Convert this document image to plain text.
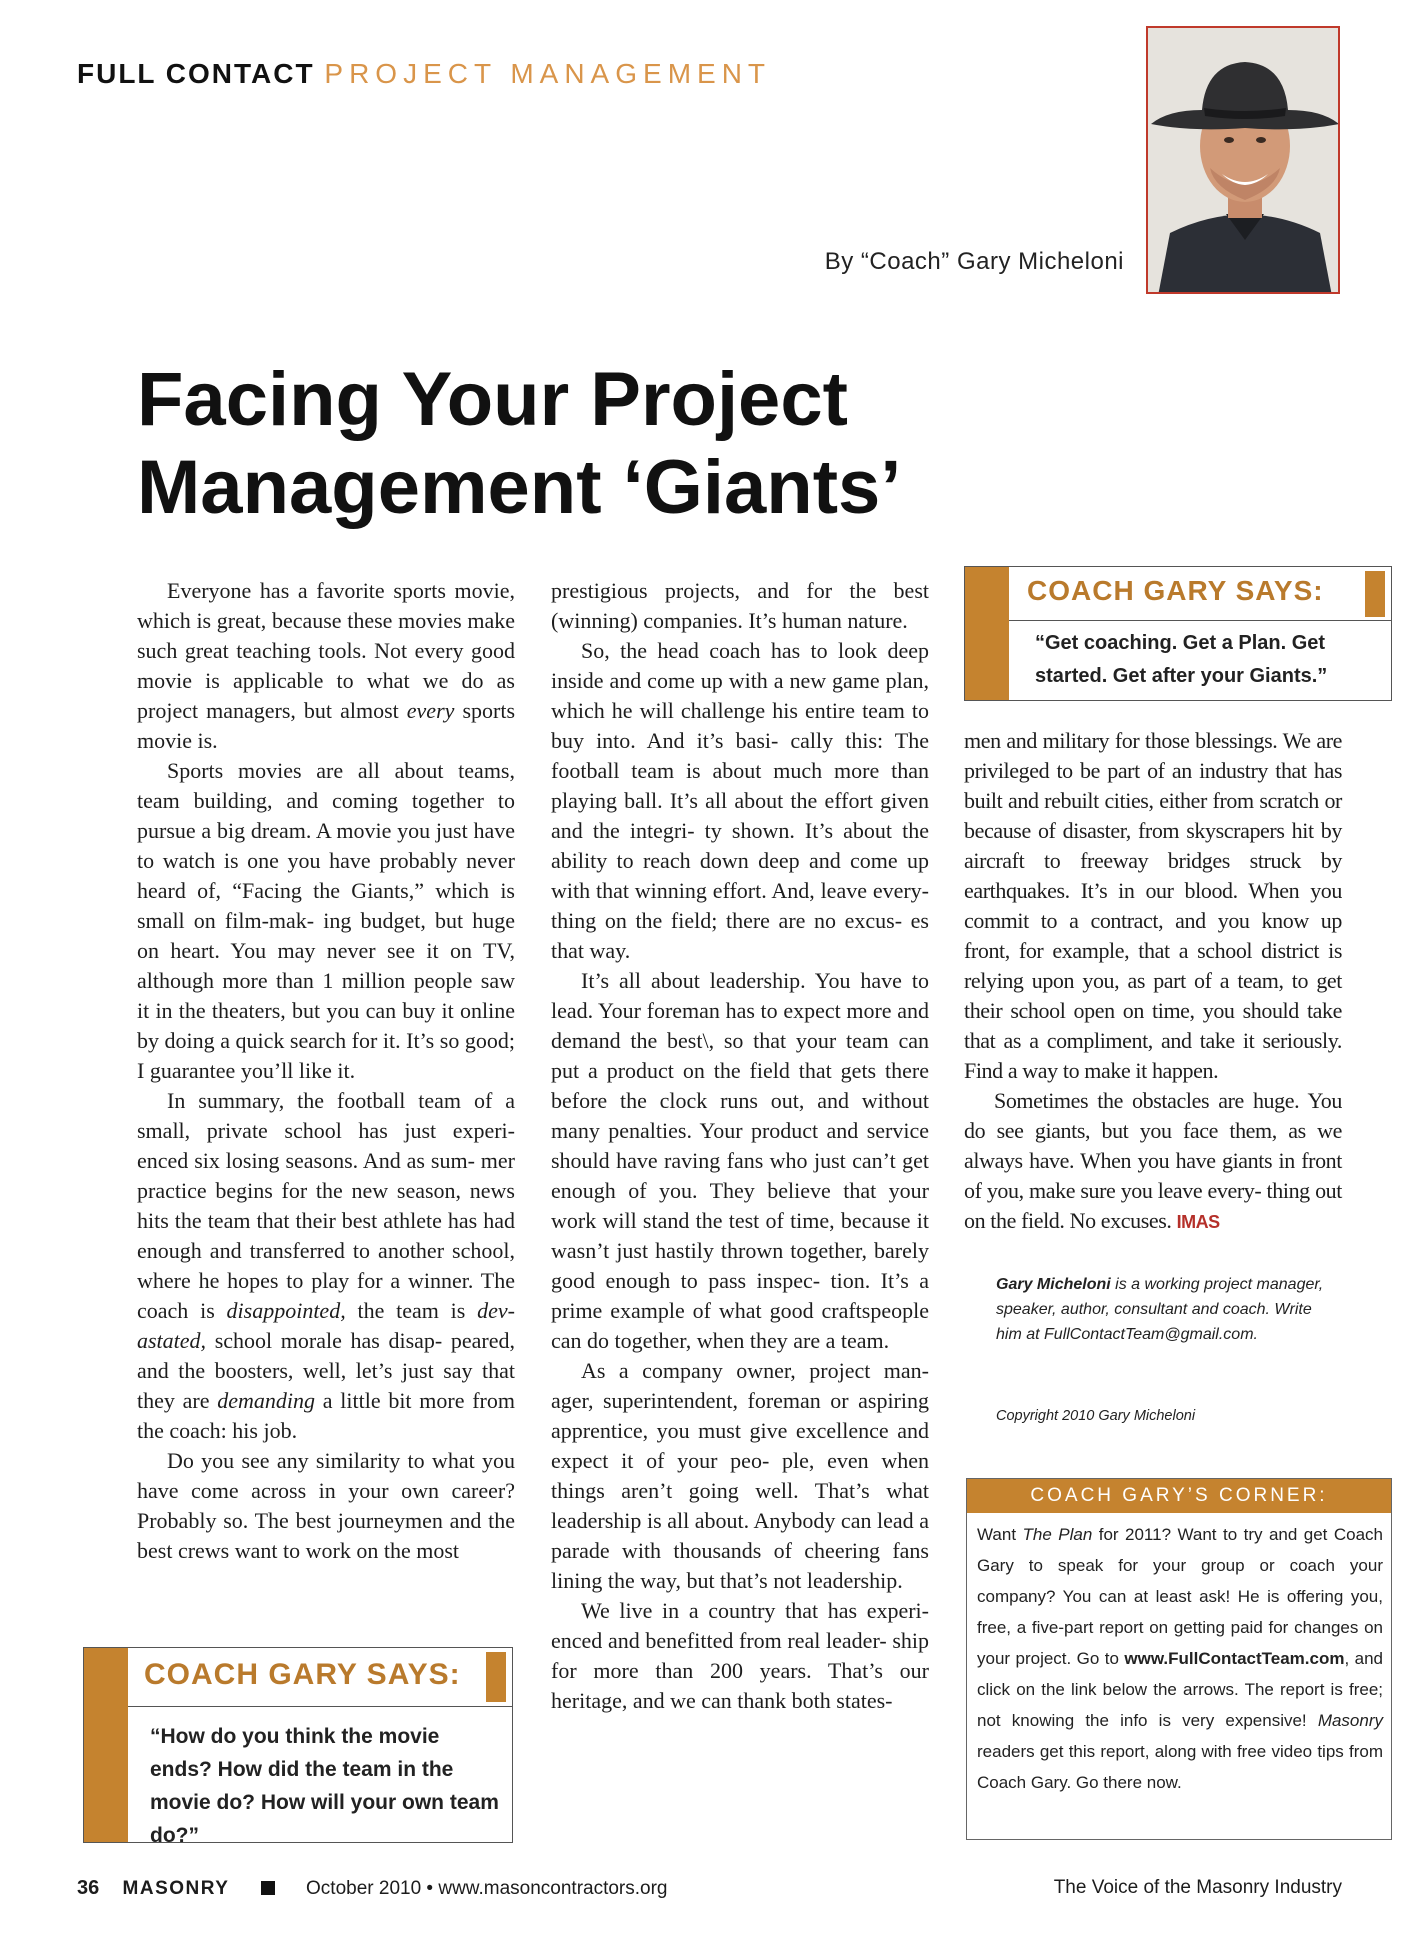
FULL CONTACT PROJECT MANAGEMENT
By “Coach” Gary Micheloni
Facing Your Project
Management ‘Giants’

Everyone has a favorite sports movie, which is great, because these movies make such great teaching tools. Not every good movie is applicable to what we do as project managers, but almost every sports movie is.

Sports movies are all about teams, team building, and coming together to pursue a big dream. A movie you just have to watch is one you have probably never heard of, “Facing the Giants,” which is small on film-mak- ing budget, but huge on heart. You may never see it on TV, although more than 1 million people saw it in the theaters, but you can buy it online by doing a quick search for it. It’s so good; I guarantee you’ll like it.

In summary, the football team of a small, private school has just experi- enced six losing seasons. And as sum- mer practice begins for the new season, news hits the team that their best athlete has had enough and transferred to another school, where he hopes to play for a winner. The coach is disappointed, the team is dev- astated, school morale has disap- peared, and the boosters, well, let’s just say that they are demanding a little bit more from the coach: his job.

Do you see any similarity to what you have come across in your own career? Probably so. The best journeymen and the best crews want to work on the most

prestigious projects, and for the best (winning) companies. It’s human nature.

So, the head coach has to look deep inside and come up with a new game plan, which he will challenge his entire team to buy into. And it’s basi- cally this: The football team is about much more than playing ball. It’s all about the effort given and the integri- ty shown. It’s about the ability to reach down deep and come up with that winning effort. And, leave every- thing on the field; there are no excus- es that way.

It’s all about leadership. You have to lead. Your foreman has to expect more and demand the best\, so that your team can put a product on the field that gets there before the clock runs out, and without many penalties. Your product and service should have raving fans who just can’t get enough of you. They believe that your work will stand the test of time, because it wasn’t just hastily thrown together, barely good enough to pass inspec- tion. It’s a prime example of what good craftspeople can do together, when they are a team.

As a company owner, project man- ager, superintendent, foreman or aspiring apprentice, you must give excellence and expect it of your peo- ple, even when things aren’t going well. That’s what leadership is all about. Anybody can lead a parade with thousands of cheering fans lining the way, but that’s not leadership.

We live in a country that has experi- enced and benefitted from real leader- ship for more than 200 years. That’s our heritage, and we can thank both states-

COACH GARY SAYS:
“Get coaching. Get a Plan. Get started. Get after your Giants.”

men and military for those blessings. We are privileged to be part of an industry that has built and rebuilt cities, either from scratch or because of disaster, from skyscrapers hit by aircraft to freeway bridges struck by earthquakes. It’s in our blood. When you commit to a contract, and you know up front, for example, that a school district is relying upon you, as part of a team, to get their school open on time, you should take that as a compliment, and take it seriously. Find a way to make it happen.

Sometimes the obstacles are huge. You do see giants, but you face them, as we always have. When you have giants in front of you, make sure you leave every- thing out on the field. No excuses. IMAS

Gary Micheloni is a working project manager, speaker, author, consultant and coach. Write him at FullContactTeam@gmail.com.
Copyright 2010 Gary Micheloni
COACH GARY SAYS:
“How do you think the movie ends? How did the team in the movie do? How will your own team do?”
COACH GARY’S CORNER:
Want The Plan for 2011? Want to try and get Coach Gary to speak for your group or coach your company? You can at least ask! He is offering you, free, a five-part report on getting paid for changes on your project. Go to www.FullContactTeam.com, and click on the link below the arrows. The report is free; not knowing the info is very expensive! Masonry readers get this report, along with free video tips from Coach Gary. Go there now.
36 MASONRY	October 2010 • www.masoncontractors.org	The Voice of the Masonry Industry
